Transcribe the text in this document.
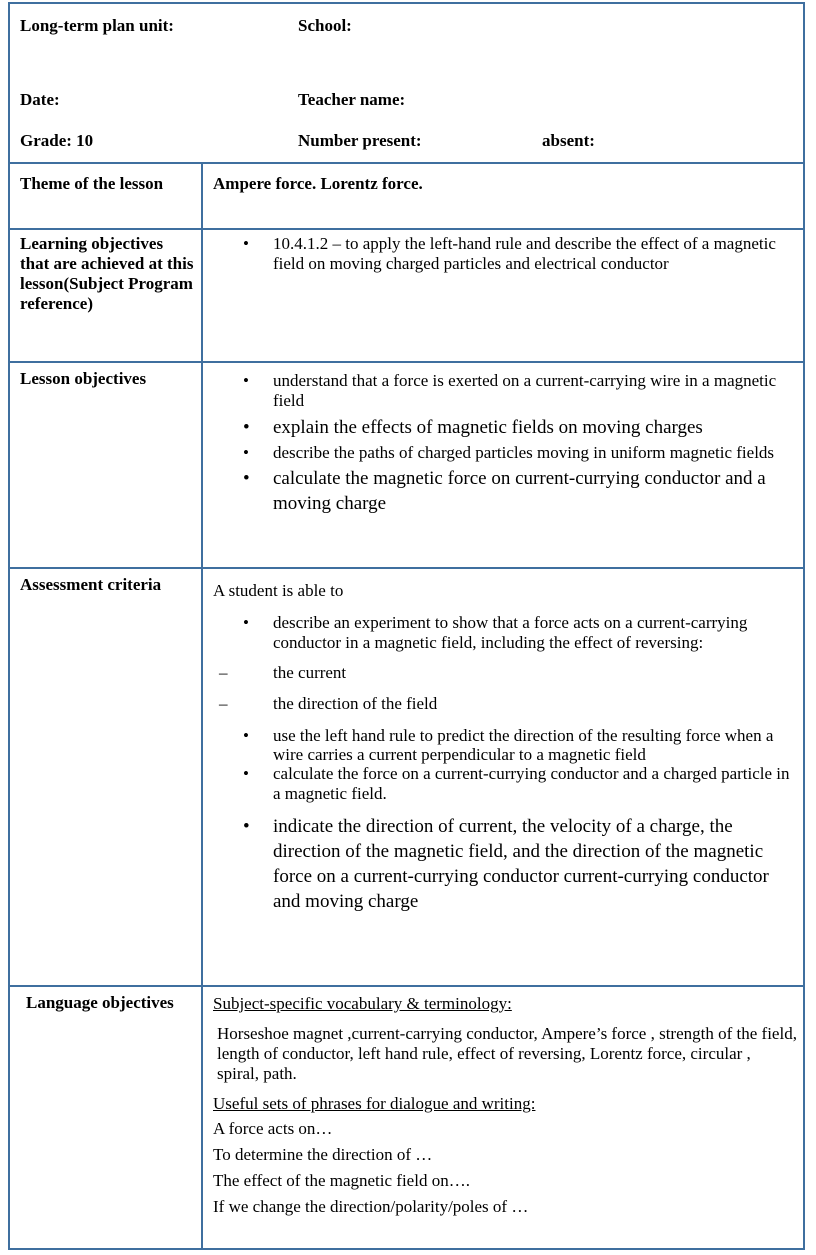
Long-term plan unit:	School:
Date:	Teacher name:
Grade: 10	Number present:	absent:
Theme of the lesson	Ampere force. Lorentz force.
Learning objectives that are achieved at this lesson(Subject Program reference)
• 10.4.1.2 – to apply the left-hand rule and describe the effect of a magnetic field on moving charged particles and electrical conductor
Lesson objectives
•	understand that a force is exerted on a current-carrying wire in a magnetic field
• explain the effects of magnetic fields on moving charges
• describe the paths of charged particles moving in uniform magnetic fields
• calculate the magnetic force on current-currying conductor and a moving charge
Assessment criteria	A student is able to
• describe an experiment to show that a force acts on a current-carrying conductor in a magnetic field, including the effect of reversing:
–	the current
–	the direction of the field
• use the left hand rule to predict the direction of the resulting force when a wire carries a current perpendicular to a magnetic field
• calculate the force on a current-currying conductor and a charged particle in a magnetic field.
• indicate the direction of current, the velocity of a charge, the direction of the magnetic field, and the direction of the magnetic force on a current-currying conductor current-currying conductor and moving charge
Language objectives	Subject-specific vocabulary & terminology:
Horseshoe magnet ,current-carrying conductor, Ampere’s force , strength of the field, length of conductor, left hand rule, effect of reversing, Lorentz force, circular , spiral, path.
Useful sets of phrases for dialogue and writing:
A force acts on…
To determine the direction of …
The effect of the magnetic field on….
If we change the direction/polarity/poles of …
